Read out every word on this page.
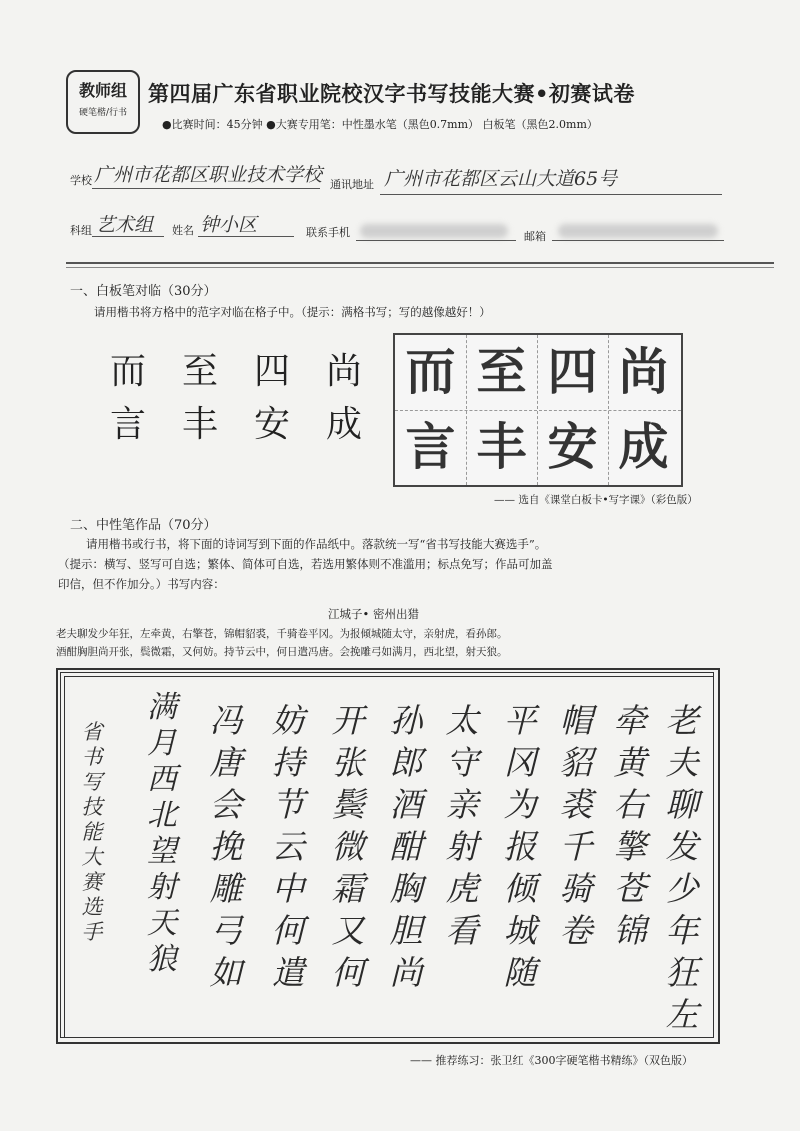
教师组
硬笔楷/行书
第四届广东省职业院校汉字书写技能大赛•初赛试卷
●比赛时间：45分钟 ●大赛专用笔：中性墨水笔（黑色0.7mm） 白板笔（黑色2.0mm）
学校 广州市花都区职业技术学校 通讯地址 广州市花都区云山大道65号
科组 艺术组 姓名 钟小区	联系手机	邮箱
一、白板笔对临（30分）
请用楷书将方格中的范字对临在格子中。（提示：满格书写；写的越像越好！）
而
言
至
丰
四
安
尚
成
而 至 四 尚
言 丰 安 成
—— 选自《课堂白板卡•写字课》（彩色版）
二、中性笔作品（70分）
请用楷书或行书，将下面的诗词写到下面的作品纸中。落款统一写“省书写技能大赛选手”。
（提示：横写、竖写可自选；繁体、简体可自选，若选用繁体则不准滥用；标点免写；作品可加盖
印信，但不作加分。）书写内容：
江城子• 密州出猎
老夫聊发少年狂，左牵黄，右擎苍，锦帽貂裘，千骑卷平冈。为报倾城随太守，亲射虎，看孙郎。
酒酣胸胆尚开张，鬓微霜，又何妨。持节云中，何日遣冯唐。会挽雕弓如满月，西北望，射天狼。
老夫聊发少年狂左
牵黄右擎苍锦
帽貂裘千骑卷
平冈为报倾城随
太守亲射虎看
孙郎酒酣胸胆尚
开张鬓微霜又何
妨持节云中何遣
冯唐会挽雕弓如
满月西北望射天狼
省书写技能大赛选手
—— 推荐练习：张卫红《300字硬笔楷书精练》（双色版）
